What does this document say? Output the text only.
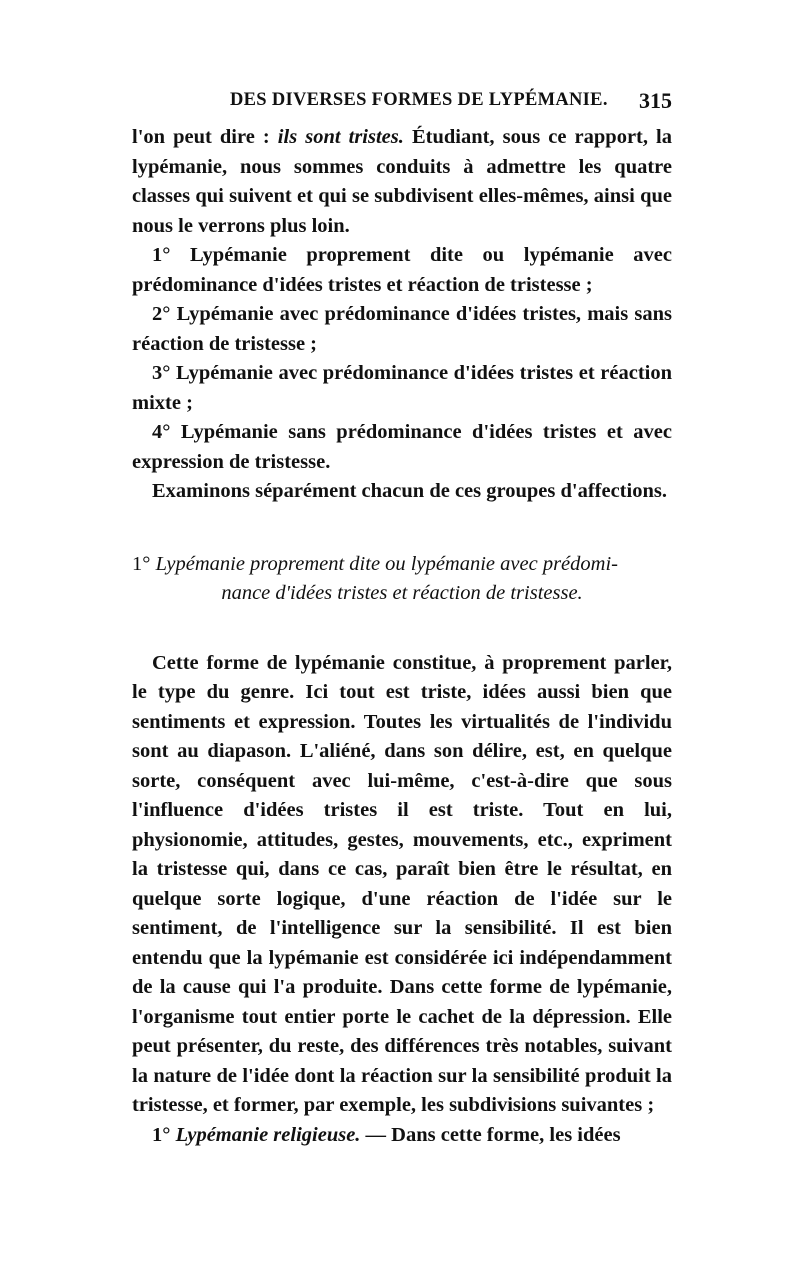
DES DIVERSES FORMES DE LYPÉMANIE. 315

l'on peut dire : ils sont tristes. Étudiant, sous ce rapport, la lypémanie, nous sommes conduits à admettre les quatre classes qui suivent et qui se subdivisent elles-mêmes, ainsi que nous le verrons plus loin.

1° Lypémanie proprement dite ou lypémanie avec prédominance d'idées tristes et réaction de tristesse ;

2° Lypémanie avec prédominance d'idées tristes, mais sans réaction de tristesse ;

3° Lypémanie avec prédominance d'idées tristes et réaction mixte ;

4° Lypémanie sans prédominance d'idées tristes et avec expression de tristesse.

Examinons séparément chacun de ces groupes d'affections.

1° Lypémanie proprement dite ou lypémanie avec prédomi-
nance d'idées tristes et réaction de tristesse.

Cette forme de lypémanie constitue, à proprement parler, le type du genre. Ici tout est triste, idées aussi bien que sentiments et expression. Toutes les virtualités de l'individu sont au diapason. L'aliéné, dans son délire, est, en quelque sorte, conséquent avec lui-même, c'est-à-dire que sous l'influence d'idées tristes il est triste. Tout en lui, physionomie, attitudes, gestes, mouvements, etc., expriment la tristesse qui, dans ce cas, paraît bien être le résultat, en quelque sorte logique, d'une réaction de l'idée sur le sentiment, de l'intelligence sur la sensibilité. Il est bien entendu que la lypémanie est considérée ici indépendamment de la cause qui l'a produite. Dans cette forme de lypémanie, l'organisme tout entier porte le cachet de la dépression. Elle peut présenter, du reste, des différences très notables, suivant la nature de l'idée dont la réaction sur la sensibilité produit la tristesse, et former, par exemple, les subdivisions suivantes ;

1° Lypémanie religieuse. — Dans cette forme, les idées
